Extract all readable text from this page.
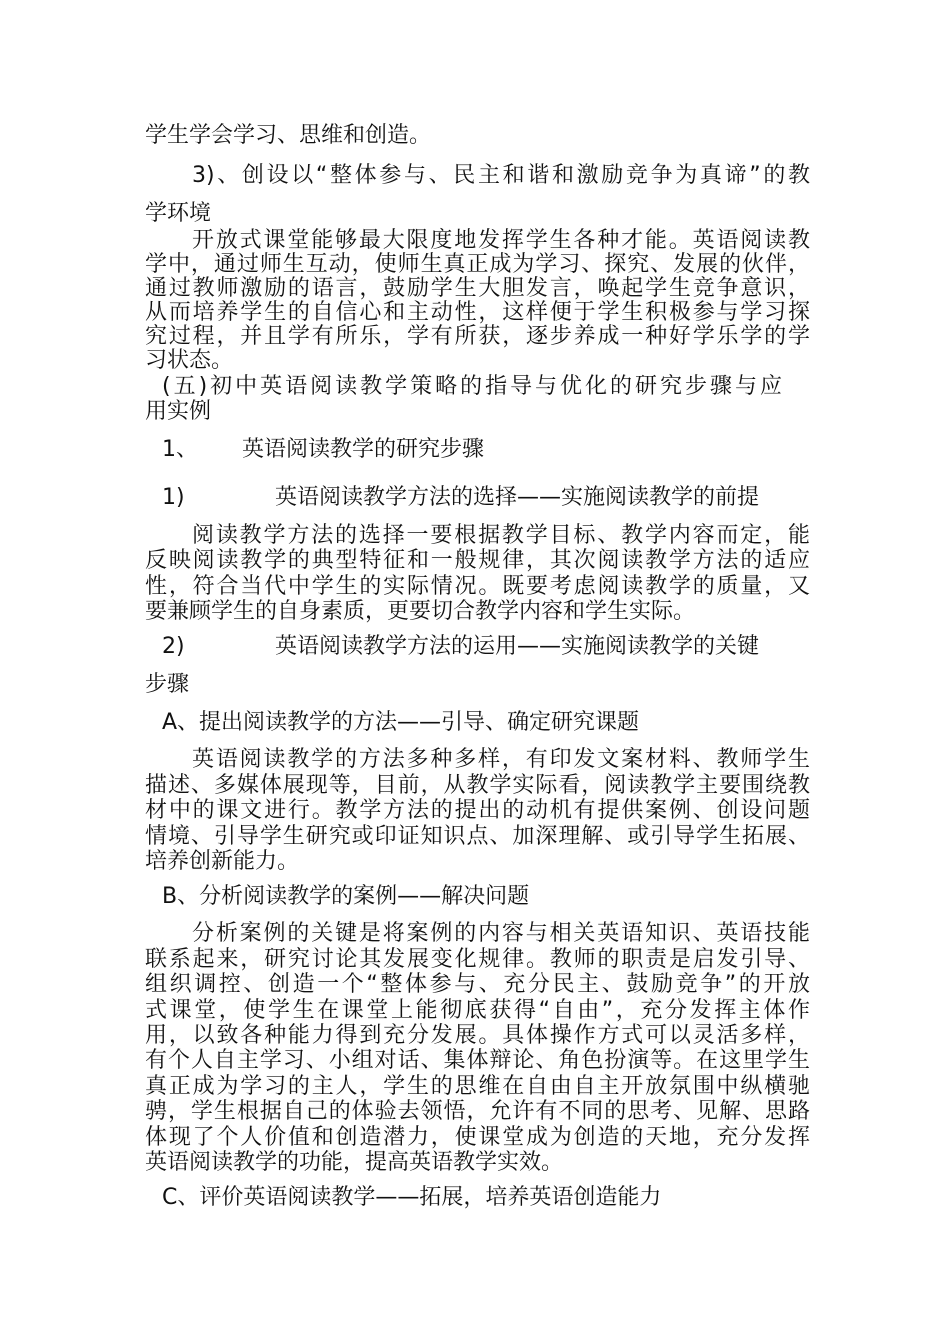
学生学会学习、思维和创造。
3)、创设以“整体参与、民主和谐和激励竞争为真谛”的教
学环境
开放式课堂能够最大限度地发挥学生各种才能。英语阅读教
学中，通过师生互动，使师生真正成为学习、探究、发展的伙伴，
通过教师激励的语言，鼓励学生大胆发言，唤起学生竞争意识，
从而培养学生的自信心和主动性，这样便于学生积极参与学习探
究过程，并且学有所乐，学有所获，逐步养成一种好学乐学的学
习状态。
(五)初中英语阅读教学策略的指导与优化的研究步骤与应
用实例
1、 英语阅读教学的研究步骤
1)	英语阅读教学方法的选择——实施阅读教学的前提
阅读教学方法的选择一要根据教学目标、教学内容而定，能
反映阅读教学的典型特征和一般规律，其次阅读教学方法的适应
性，符合当代中学生的实际情况。既要考虑阅读教学的质量，又
要兼顾学生的自身素质，更要切合教学内容和学生实际。
2)	英语阅读教学方法的运用——实施阅读教学的关键
步骤
A、提出阅读教学的方法——引导、确定研究课题
英语阅读教学的方法多种多样，有印发文案材料、教师学生
描述、多媒体展现等，目前，从教学实际看，阅读教学主要围绕教
材中的课文进行。教学方法的提出的动机有提供案例、创设问题
情境、引导学生研究或印证知识点、加深理解、或引导学生拓展、
培养创新能力。
B、分析阅读教学的案例——解决问题
分析案例的关键是将案例的内容与相关英语知识、英语技能
联系起来，研究讨论其发展变化规律。教师的职责是启发引导、
组织调控、创造一个“整体参与、充分民主、鼓励竞争”的开放
式课堂，使学生在课堂上能彻底获得“自由”，充分发挥主体作
用，以致各种能力得到充分发展。具体操作方式可以灵活多样，
有个人自主学习、小组对话、集体辩论、角色扮演等。在这里学生
真正成为学习的主人，学生的思维在自由自主开放氛围中纵横驰
骋，学生根据自己的体验去领悟，允许有不同的思考、见解、思路
体现了个人价值和创造潜力，使课堂成为创造的天地，充分发挥
英语阅读教学的功能，提高英语教学实效。
C、评价英语阅读教学——拓展，培养英语创造能力
